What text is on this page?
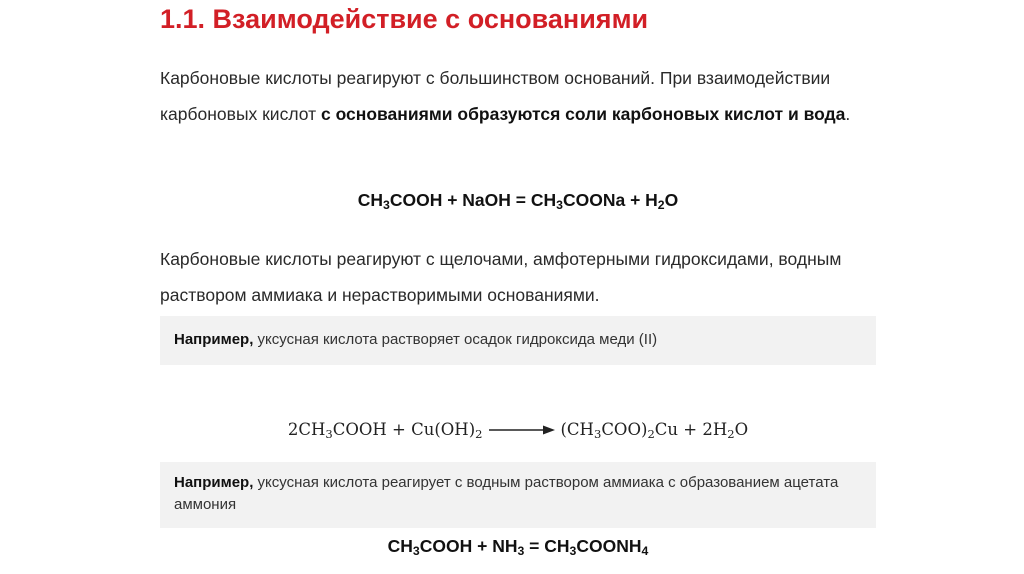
1.1. Взаимодействие с основаниями

Карбоновые кислоты реагируют с большинством оснований. При взаимодействии карбоновых кислот с основаниями образуются соли карбоновых кислот и вода.

$CH_3COOH$ + NaOH = $CH_3COONa + H_2O$

Карбоновые кислоты реагируют с щелочами, амфотерными гидроксидами, водным раствором аммиака и нерастворимыми основаниями.

Например, уксусная кислота растворяет осадок гидроксида меди (II)
$2CH_3COOH + Cu(OH)_2 \to (CH_3COO)_2Cu + 2H_2O$
Например, уксусная кислота реагирует с водным раствором аммиака с образованием ацетата аммония
$CH_3COOH + NH_3$ = $CH_3COONH_4$
